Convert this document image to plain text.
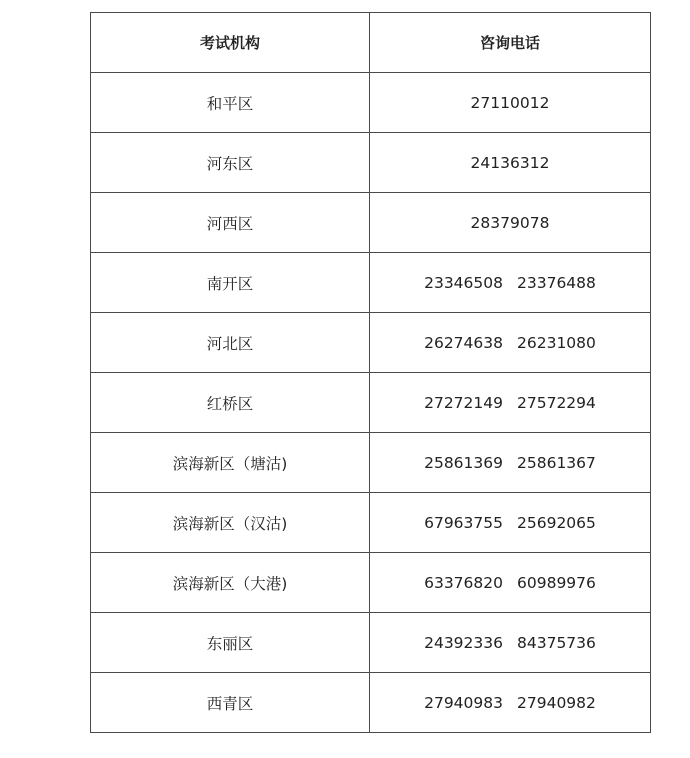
考试机构	咨询电话
和平区	27110012
河东区	24136312
河西区	28379078
南开区	23346508 23376488
河北区	26274638 26231080
红桥区	27272149 27572294
滨海新区（塘沽)	25861369 25861367
滨海新区（汉沽)	67963755 25692065
滨海新区（大港)	63376820 60989976
东丽区	24392336 84375736
西青区	27940983 27940982
